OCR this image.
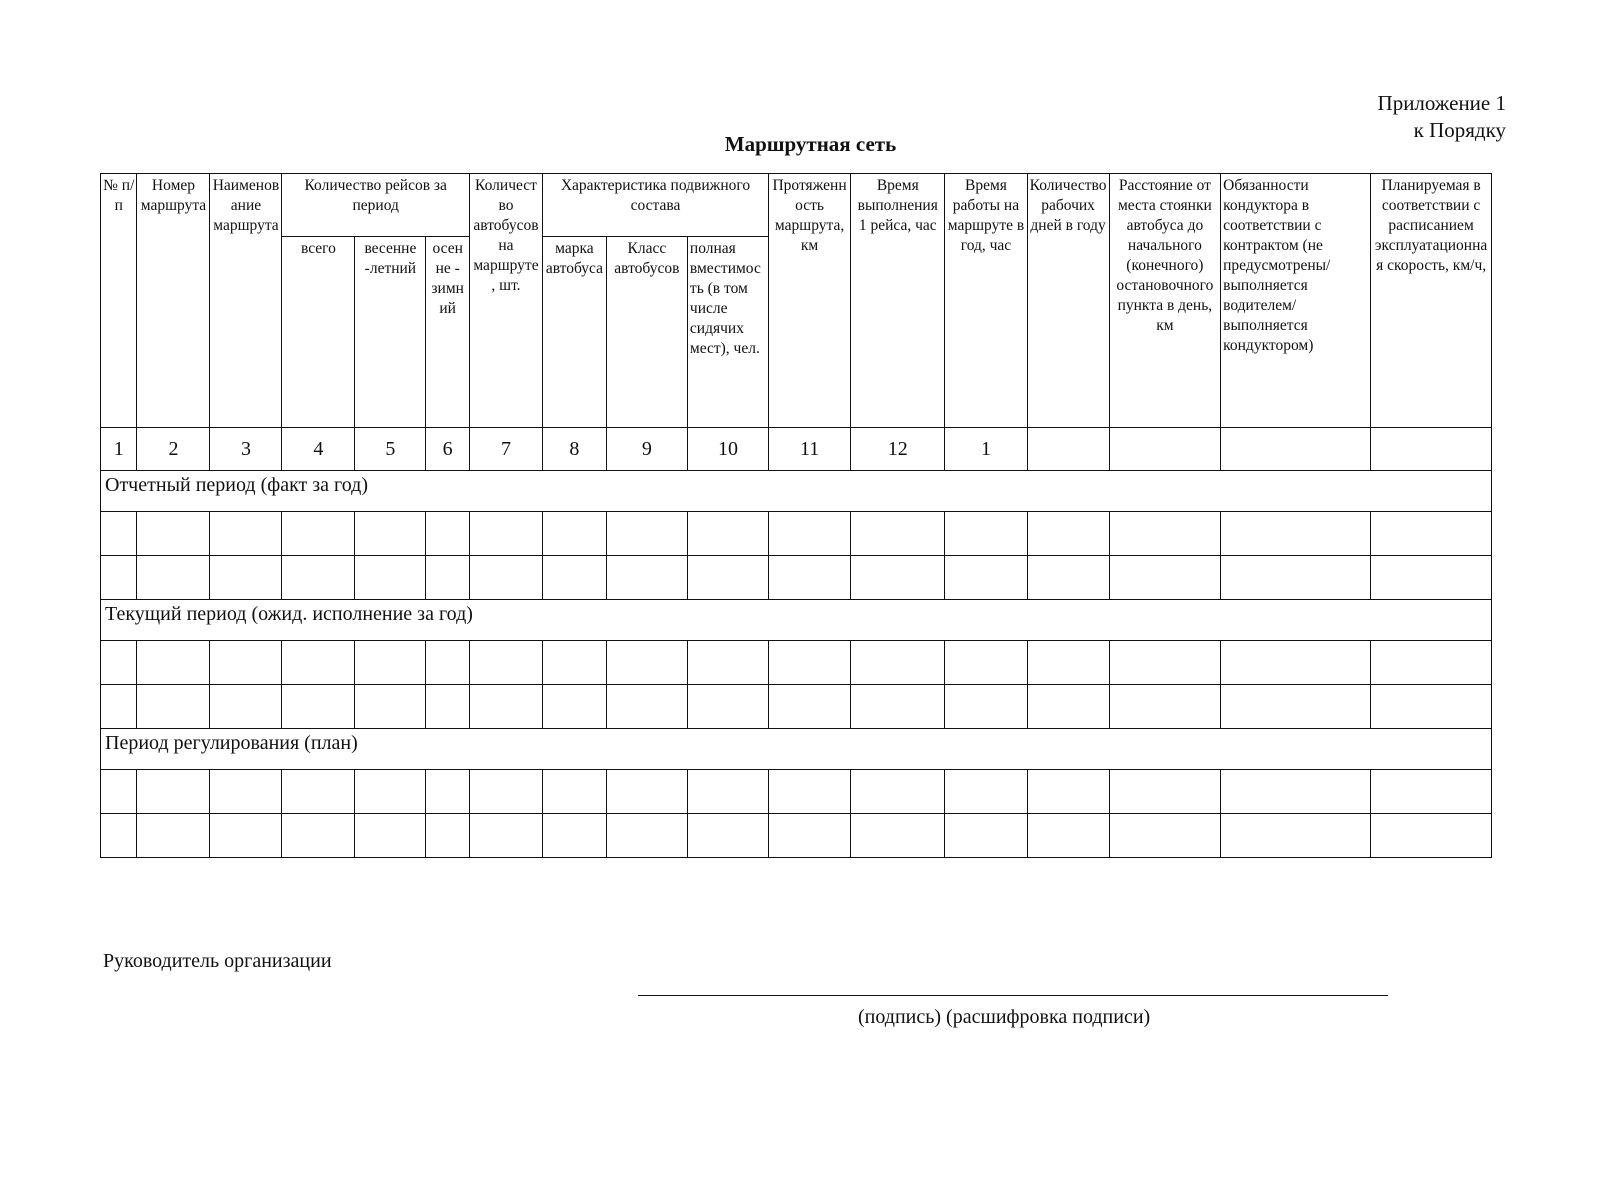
Приложение 1
к Порядку
Маршрутная сеть
№ п/п	Номер маршрута	Наименование маршрута	Количество рейсов за период			Количество автобусов на маршруте, шт.	Характеристика подвижного состава			Протяженность маршрута, км	Время выполнения 1 рейса, час	Время работы на маршруте в год, час	Количество рабочих дней в году	Расстояние от места стоянки автобуса до начального (конечного) остановочного пункта в день, км	Обязанности кондуктора в соответствии с контрактом (не предусмотрены/выполняется водителем/выполняется кондуктором)	Планируемая в соответствии с расписанием эксплуатационная скорость, км/ч,
			всего	весенне -летний	осенне - зимний		марка автобуса	Класс автобусов	полная вместимость (в том числе сидячих мест), чел.							
1	2	3	4	5	6	7	8	9	10	11	12	1				
Отчетный период (факт за год)																

Текущий период (ожид. исполнение за год)																

Период регулирования (план)																

Руководитель организации
(подпись) (расшифровка подписи)
